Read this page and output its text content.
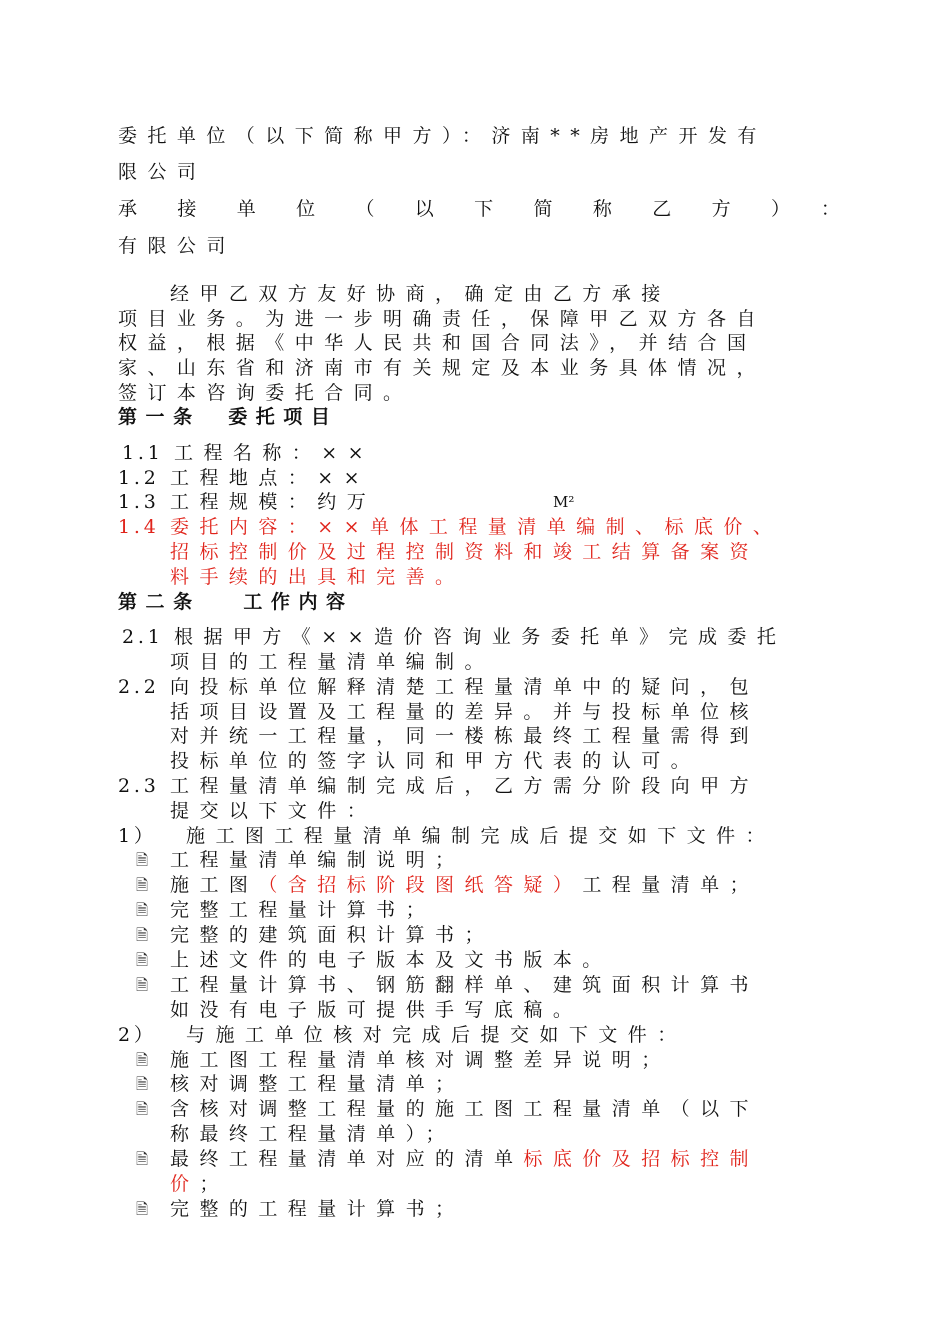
委托单位（以下简称甲方）：济南**房地产开发有
限公司
承接单位（以下简称乙方）：
有限公司
经甲乙双方友好协商，确定由乙方承接
项目业务。为进一步明确责任，保障甲乙双方各自
权益，根据《中华人民共和国合同法》，并结合国
家、山东省和济南市有关规定及本业务具体情况，
签订本咨询委托合同。
第一条　委托项目
1.1 工程名称：××
1.2 工程地点：××
1.3 工程规模：约万	M²
1.4 委托内容：××单体工程量清单编制、标底价、
招标控制价及过程控制资料和竣工结算备案资
料手续的出具和完善。
第二条　 工作内容
2.1 根据甲方《××造价咨询业务委托单》完成委托
项目的工程量清单编制。
2.2 向投标单位解释清楚工程量清单中的疑问，包
括项目设置及工程量的差异。并与投标单位核
对并统一工程量，同一楼栋最终工程量需得到
投标单位的签字认同和甲方代表的认可。
2.3 工程量清单编制完成后，乙方需分阶段向甲方
提交以下文件：
1） 施工图工程量清单编制完成后提交如下文件：
🗎 工程量清单编制说明；
🗎 施工图（含招标阶段图纸答疑）工程量清单；
🗎 完整工程量计算书；
🗎 完整的建筑面积计算书；
🗎 上述文件的电子版本及文书版本。
🗎 工程量计算书、钢筋翻样单、建筑面积计算书
如没有电子版可提供手写底稿。
2） 与施工单位核对完成后提交如下文件：
🗎 施工图工程量清单核对调整差异说明；
🗎 核对调整工程量清单；
🗎 含核对调整工程量的施工图工程量清单（以下
称最终工程量清单）；
🗎 最终工程量清单对应的清单标底价及招标控制
价；
🗎 完整的工程量计算书；
